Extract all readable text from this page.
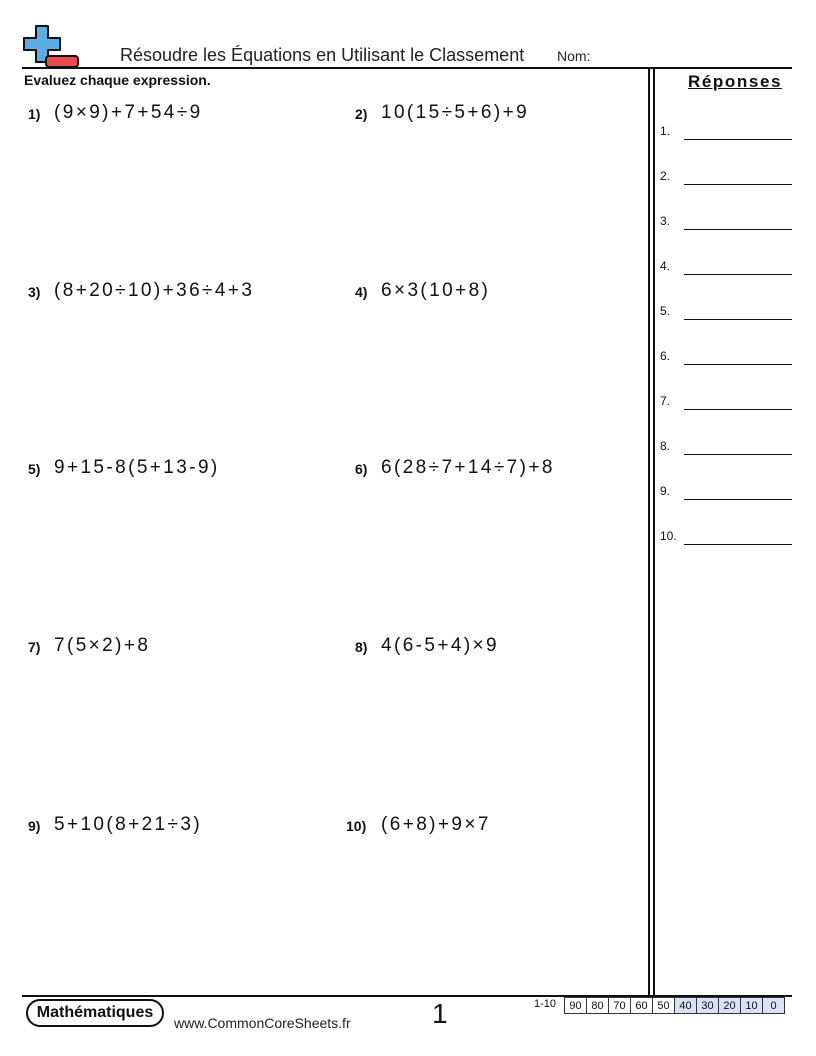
Résoudre les Équations en Utilisant le Classement Nom:
Evaluez chaque expression.
1) (9×9)+7+54÷9	2) 10(15÷5+6)+9
3) (8+20÷10)+36÷4+3	4) 6×3(10+8)
5) 9+15-8(5+13-9)	6) 6(28÷7+14÷7)+8
7) 7(5×2)+8	8) 4(6-5+4)×9
9) 5+10(8+21÷3)	10) (6+8)+9×7
Réponses
1.
2.
3.
4.
5.
6.
7.
8.
9.
10.
Mathématiques
www.CommonCoreSheets.fr	1	1-10 90	80	70	60	50	40	30	20	10	0
